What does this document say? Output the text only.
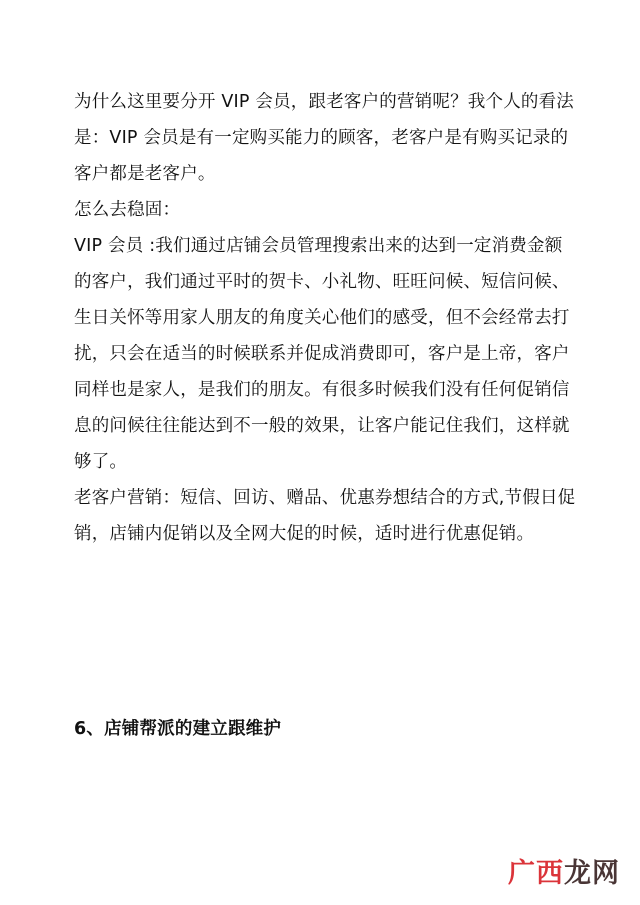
为什么这里要分开 VIP 会员，跟老客户的营销呢？我个人的看法是：VIP 会员是有一定购买能力的顾客，老客户是有购买记录的客户都是老客户。

怎么去稳固：

VIP 会员 :我们通过店铺会员管理搜索出来的达到一定消费金额的客户，我们通过平时的贺卡、小礼物、旺旺问候、短信问候、生日关怀等用家人朋友的角度关心他们的感受，但不会经常去打扰，只会在适当的时候联系并促成消费即可，客户是上帝，客户同样也是家人，是我们的朋友。有很多时候我们没有任何促销信息的问候往往能达到不一般的效果，让客户能记住我们，这样就够了。

老客户营销：短信、回访、赠品、优惠券想结合的方式,节假日促销，店铺内促销以及全网大促的时候，适时进行优惠促销。

6、店铺帮派的建立跟维护
广西龙网
